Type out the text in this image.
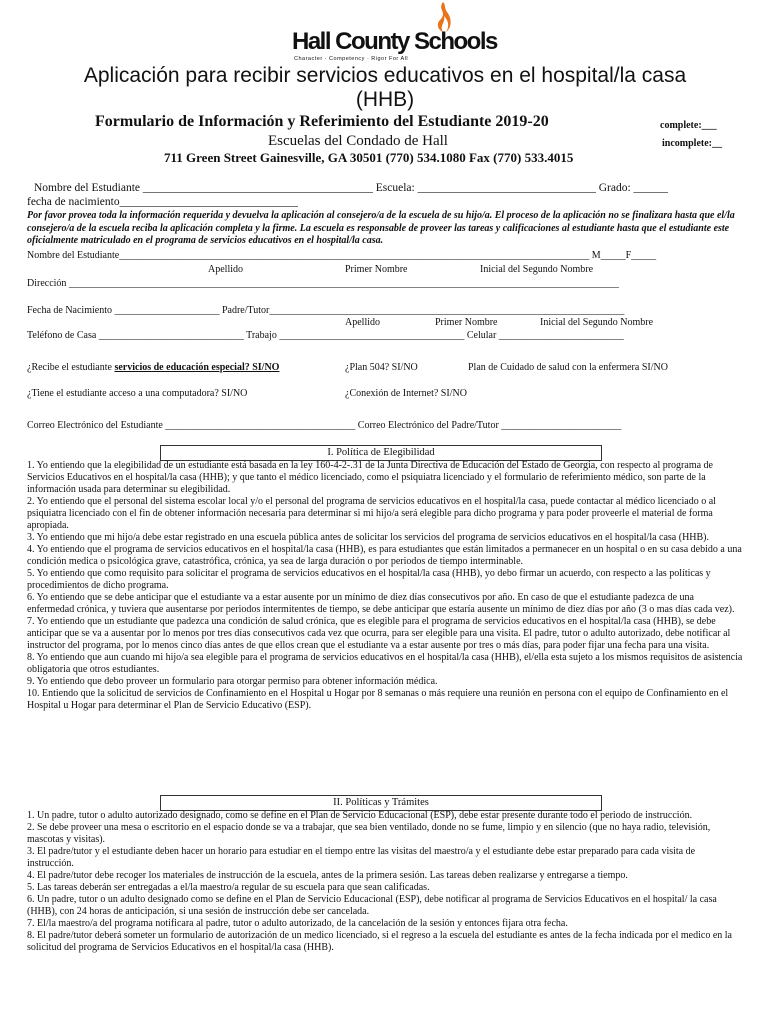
Hall County Schools
Character · Competency · Rigor For All
Aplicación para recibir servicios educativos en el hospital/la casa
(HHB)
Formulario de Información y Referimiento del Estudiante 2019-20	complete:___
Escuelas del Condado de Hall	incomplete:__
711 Green Street Gainesville, GA 30501 (770) 534.1080 Fax (770) 533.4015
Nombre del Estudiante ________________________________________ Escuela: _______________________________ Grado: ______
fecha de nacimiento_______________________________
Por favor provea toda la información requerida y devuelva la aplicación al consejero/a de la escuela de su hijo/a. El proceso de la aplicación no se finalizara hasta que el/la consejero/a de la escuela reciba la aplicación completa y la firme. La escuela es responsable de proveer las tareas y calificaciones al estudiante hasta que el estudiante este oficialmente matriculado en el programa de servicios educativos en el hospital/la casa.
Nombre del Estudiante______________________________________________________________________________________________ M_____F_____
Apellido	Primer Nombre	Inicial del Segundo Nombre
Dirección ______________________________________________________________________________________________________________
Fecha de Nacimiento _____________________ Padre/Tutor_______________________________________________________________________
Apellido	Primer Nombre	Inicial del Segundo Nombre
Teléfono de Casa _____________________________ Trabajo _____________________________________ Celular _________________________
¿Recibe el estudiante servicios de educación especial? SI/NO	¿Plan 504? SI/NO	Plan de Cuidado de salud con la enfermera SI/NO
¿Tiene el estudiante acceso a una computadora? SI/NO	¿Conexión de Internet? SI/NO
Correo Electrónico del Estudiante ______________________________________ Correo Electrónico del Padre/Tutor ________________________
I. Política de Elegibilidad

1. Yo entiendo que la elegibilidad de un estudiante está basada en la ley 160-4-2-.31 de la Junta Directiva de Educación del Estado de Georgia, con respecto al programa de Servicios Educativos en el hospital/la casa (HHB); y que tanto el médico licenciado, como el psiquiatra licenciado y el formulario de referimiento médico, son parte de la información usada para determinar su elegibilidad.

2. Yo entiendo que el personal del sistema escolar local y/o el personal del programa de servicios educativos en el hospital/la casa, puede contactar al médico licenciado o al psiquiatra licenciado con el fin de obtener información necesaria para determinar si mi hijo/a será elegible para dicho programa y para poder proveerle el material de forma apropiada.

3. Yo entiendo que mi hijo/a debe estar registrado en una escuela pública antes de solicitar los servicios del programa de servicios educativos en el hospital/la casa (HHB).

4. Yo entiendo que el programa de servicios educativos en el hospital/la casa (HHB), es para estudiantes que están limitados a permanecer en un hospital o en su casa debido a una condición medica o psicológica grave, catastrófica, crónica, ya sea de larga duración o por periodos de tiempo interminable.

5. Yo entiendo que como requisito para solicitar el programa de servicios educativos en el hospital/la casa (HHB), yo debo firmar un acuerdo, con respecto a las políticas y procedimientos de dicho programa.

6. Yo entiendo que se debe anticipar que el estudiante va a estar ausente por un mínimo de diez días consecutivos por año. En caso de que el estudiante padezca de una enfermedad crónica, y tuviera que ausentarse por periodos intermitentes de tiempo, se debe anticipar que estaría ausente un mínimo de diez días por año (3 o mas días cada vez).

7. Yo entiendo que un estudiante que padezca una condición de salud crónica, que es elegible para el programa de servicios educativos en el hospital/la casa (HHB), se debe anticipar que se va a ausentar por lo menos por tres días consecutivos cada vez que ocurra, para ser elegible para una visita. El padre, tutor o adulto autorizado, debe notificar al instructor del programa, por lo menos cinco días antes de que ellos crean que el estudiante va a estar ausente por tres o más días, para poder fijar una fecha para una visita.

8. Yo entiendo que aun cuando mi hijo/a sea elegible para el programa de servicios educativos en el hospital/la casa (HHB), el/ella esta sujeto a los mismos requisitos de asistencia obligatoria que otros estudiantes.

9. Yo entiendo que debo proveer un formulario para otorgar permiso para obtener información médica.

10. Entiendo que la solicitud de servicios de Confinamiento en el Hospital u Hogar por 8 semanas o más requiere una reunión en persona con el equipo de Confinamiento en el Hospital u Hogar para determinar el Plan de Servicio Educativo (ESP).

II. Políticas y Trámites

1. Un padre, tutor o adulto autorizado designado, como se define en el Plan de Servicio Educacional (ESP), debe estar presente durante todo el periodo de instrucción.

2. Se debe proveer una mesa o escritorio en el espacio donde se va a trabajar, que sea bien ventilado, donde no se fume, limpio y en silencio (que no haya radio, televisión, mascotas y visitas).

3. El padre/tutor y el estudiante deben hacer un horario para estudiar en el tiempo entre las visitas del maestro/a y el estudiante debe estar preparado para cada visita de instrucción.

4. El padre/tutor debe recoger los materiales de instrucción de la escuela, antes de la primera sesión. Las tareas deben realizarse y entregarse a tiempo.

5. Las tareas deberán ser entregadas a el/la maestro/a regular de su escuela para que sean calificadas.

6. Un padre, tutor o un adulto designado como se define en el Plan de Servicio Educacional (ESP), debe notificar al programa de Servicios Educativos en el hospital/ la casa (HHB), con 24 horas de anticipación, si una sesión de instrucción debe ser cancelada.

7. El/la maestro/a del programa notificara al padre, tutor o adulto autorizado, de la cancelación de la sesión y entonces fijara otra fecha.

8. El padre/tutor deberá someter un formulario de autorización de un medico licenciado, si el regreso a la escuela del estudiante es antes de la fecha indicada por el medico en la solicitud del programa de Servicios Educativos en el hospital/la casa (HHB).
